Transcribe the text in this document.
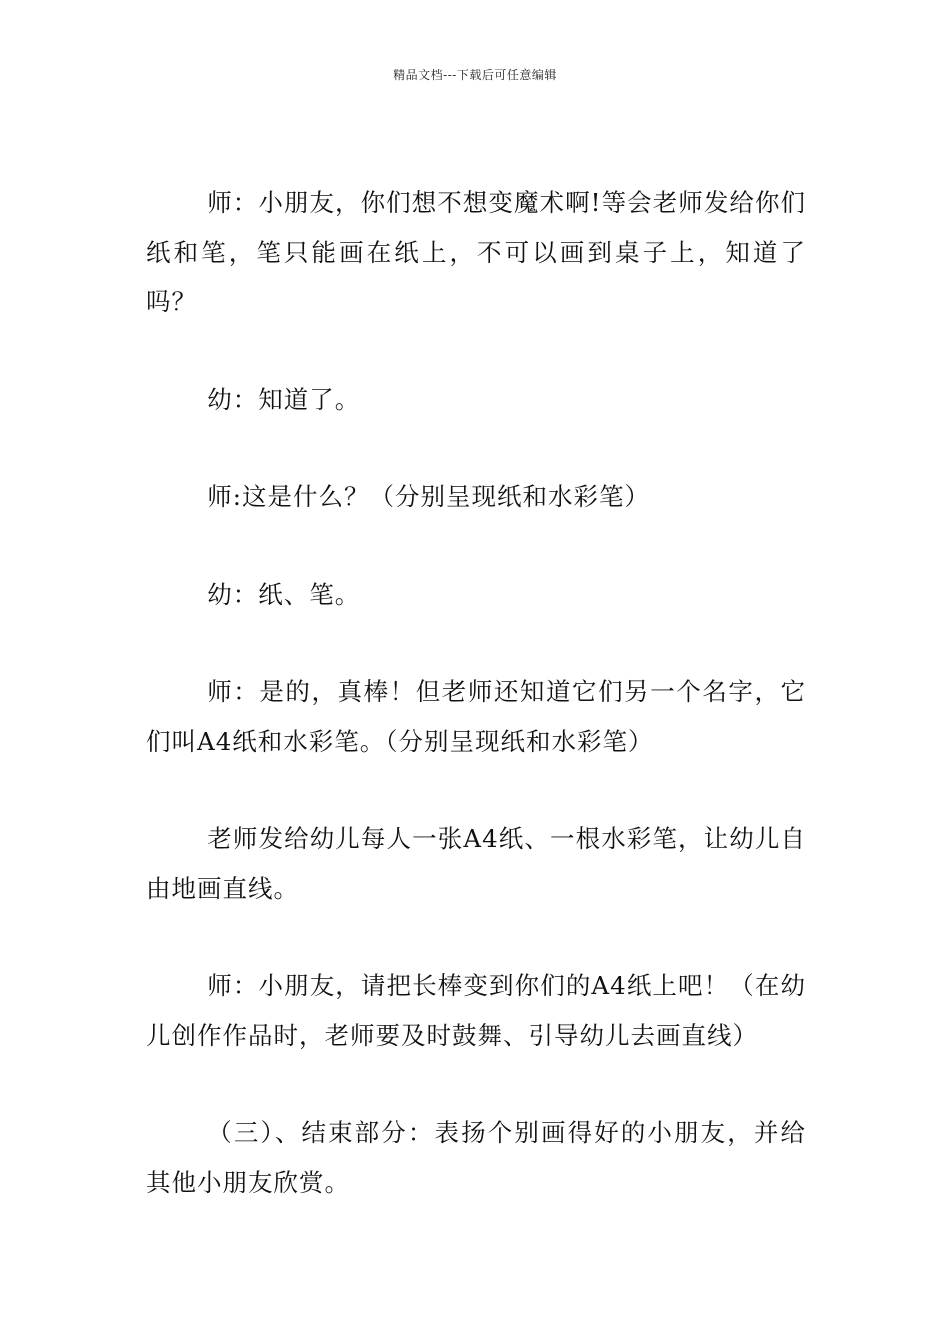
精品文档---下载后可任意编辑

师：小朋友，你们想不想变魔术啊!等会老师发给你们纸和笔，笔只能画在纸上，不可以画到桌子上，知道了吗？

幼：知道了。

师:这是什么？（分别呈现纸和水彩笔）

幼：纸、笔。

师：是的，真棒！但老师还知道它们另一个名字，它们叫A4纸和水彩笔。（分别呈现纸和水彩笔）

老师发给幼儿每人一张A4纸、一根水彩笔，让幼儿自由地画直线。

师：小朋友，请把长棒变到你们的A4纸上吧！（在幼儿创作作品时，老师要及时鼓舞、引导幼儿去画直线）

（三）、结束部分：表扬个别画得好的小朋友，并给其他小朋友欣赏。
